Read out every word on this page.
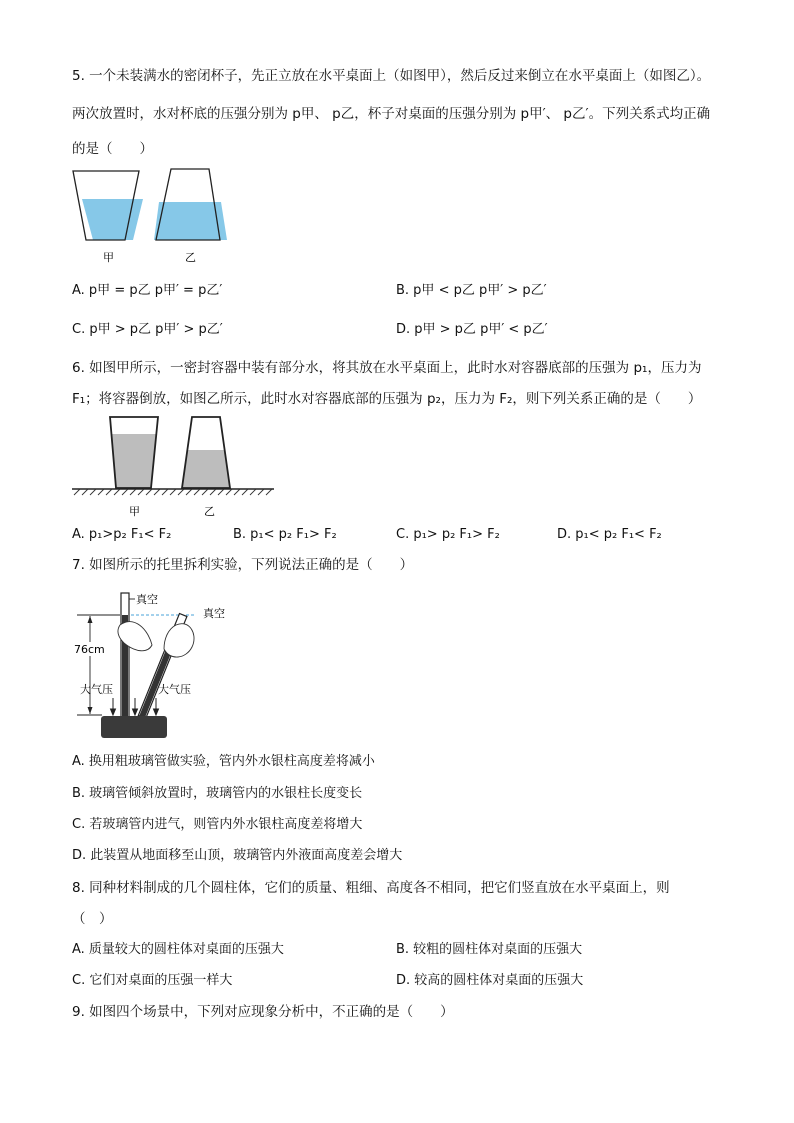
5. 一个未装满水的密闭杯子，先正立放在水平桌面上（如图甲），然后反过来倒立在水平桌面上（如图乙）。
两次放置时，水对杯底的压强分别为 p甲、 p乙，杯子对桌面的压强分别为 p甲′、 p乙′。下列关系式均正确
的是（　　）
甲	乙
A. p甲 = p乙 p甲′ = p乙′	B. p甲 < p乙 p甲′ > p乙′
C. p甲 > p乙 p甲′ > p乙′	D. p甲 > p乙 p甲′ < p乙′
6. 如图甲所示，一密封容器中装有部分水，将其放在水平桌面上，此时水对容器底部的压强为 p₁，压力为
F₁；将容器倒放，如图乙所示，此时水对容器底部的压强为 p₂，压力为 F₂，则下列关系正确的是（　　）
甲	乙
A. p₁>p₂ F₁< F₂	B. p₁< p₂ F₁> F₂	C. p₁> p₂ F₁> F₂	D. p₁< p₂ F₁< F₂
7. 如图所示的托里拆利实验，下列说法正确的是（　　）
76cm
真空
真空
大气压	大气压
A. 换用粗玻璃管做实验，管内外水银柱高度差将减小
B. 玻璃管倾斜放置时，玻璃管内的水银柱长度变长
C. 若玻璃管内进气，则管内外水银柱高度差将增大
D. 此装置从地面移至山顶，玻璃管内外液面高度差会增大
8. 同种材料制成的几个圆柱体，它们的质量、粗细、高度各不相同，把它们竖直放在水平桌面上，则
（　）
A. 质量较大的圆柱体对桌面的压强大	B. 较粗的圆柱体对桌面的压强大
C. 它们对桌面的压强一样大	D. 较高的圆柱体对桌面的压强大
9. 如图四个场景中，下列对应现象分析中，不正确的是（　　）
